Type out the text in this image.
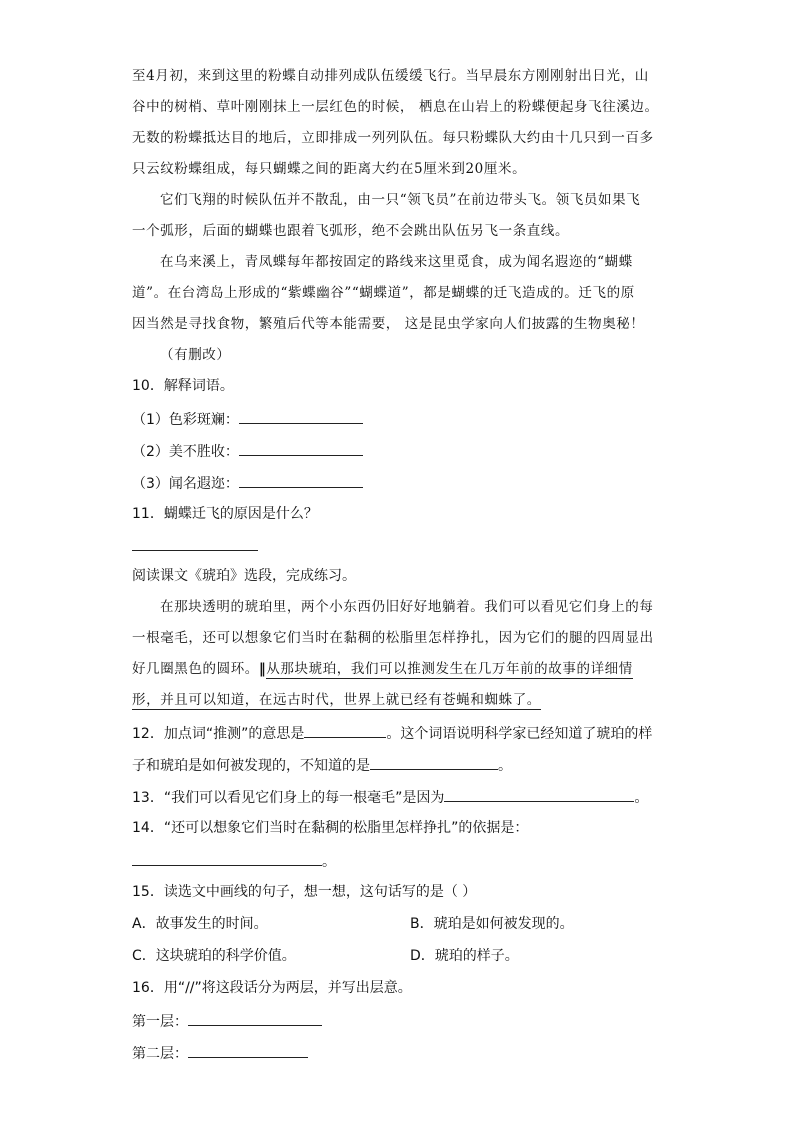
至4月初，来到这里的粉蝶自动排列成队伍缓缓飞行。当早晨东方刚刚射出日光，山
谷中的树梢、草叶刚刚抹上一层红色的时候， 栖息在山岩上的粉蝶便起身飞往溪边。
无数的粉蝶抵达目的地后，立即排成一列列队伍。每只粉蝶队大约由十几只到一百多
只云纹粉蝶组成，每只蝴蝶之间的距离大约在5厘米到20厘米。
它们飞翔的时候队伍并不散乱，由一只“领飞员”在前边带头飞。领飞员如果飞
一个弧形，后面的蝴蝶也跟着飞弧形，绝不会跳出队伍另飞一条直线。
在乌来溪上，青凤蝶每年都按固定的路线来这里觅食，成为闻名遐迩的“蝴蝶
道”。在台湾岛上形成的“紫蝶幽谷”“蝴蝶道”，都是蝴蝶的迁飞造成的。迁飞的原
因当然是寻找食物，繁殖后代等本能需要， 这是昆虫学家向人们披露的生物奥秘！
（有删改）
10．解释词语。
（1）色彩斑斓：
（2）美不胜收：
（3）闻名遐迩：
11．蝴蝶迁飞的原因是什么？
阅读课文《琥珀》选段，完成练习。
在那块透明的琥珀里，两个小东西仍旧好好地躺着。我们可以看见它们身上的每
一根毫毛，还可以想象它们当时在黏稠的松脂里怎样挣扎，因为它们的腿的四周显出
好几圈黑色的圆环。‖从那块琥珀，我们可以推测发生在几万年前的故事的详细情
形，并且可以知道，在远古时代，世界上就已经有苍蝇和蜘蛛了。
12．加点词“推测”的意思是	。这个词语说明科学家已经知道了琥珀的样
子和琥珀是如何被发现的，不知道的是	。
13．“我们可以看见它们身上的每一根毫毛”是因为	。
14．“还可以想象它们当时在黏稠的松脂里怎样挣扎”的依据是：
。
15．读选文中画线的句子，想一想，这句话写的是（ ）
A．故事发生的时间。	B．琥珀是如何被发现的。
C．这块琥珀的科学价值。	D．琥珀的样子。
16．用“//”将这段话分为两层，并写出层意。
第一层：
第二层：
